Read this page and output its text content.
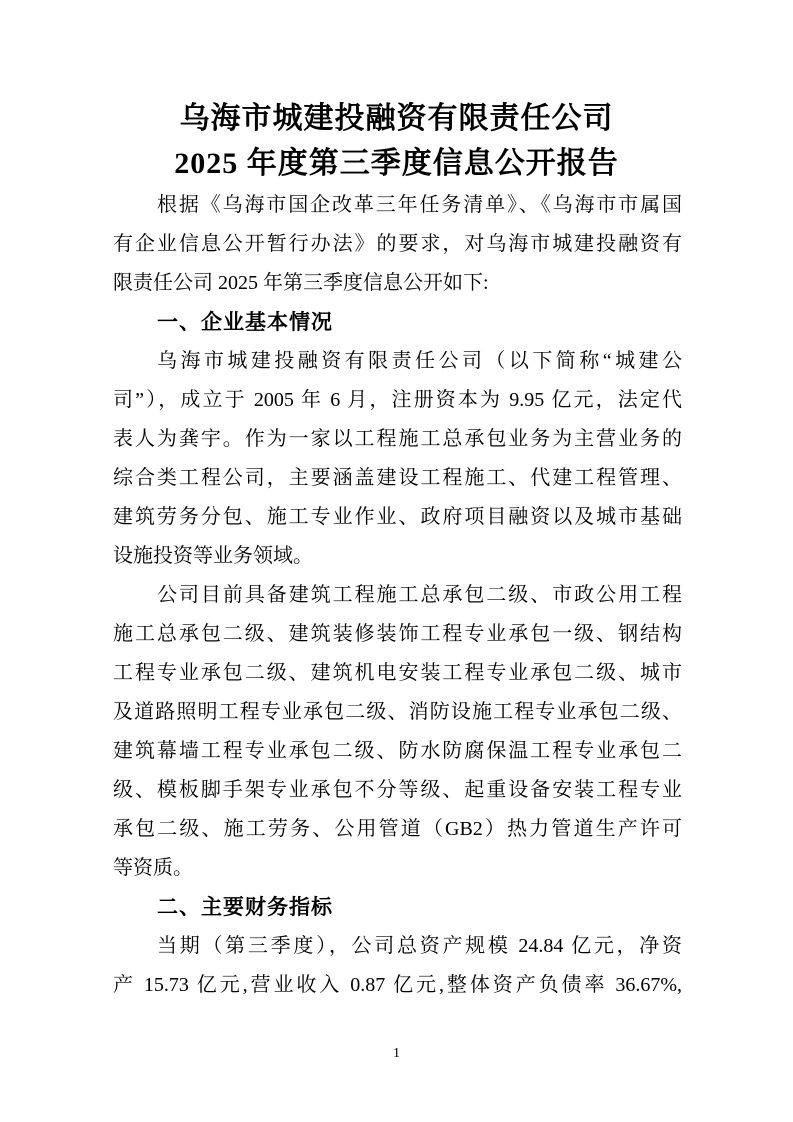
乌海市城建投融资有限责任公司
2025 年度第三季度信息公开报告
根据《乌海市国企改革三年任务清单》、《乌海市市属国
有企业信息公开暂行办法》的要求，对乌海市城建投融资有
限责任公司 2025 年第三季度信息公开如下:
一、企业基本情况
乌海市城建投融资有限责任公司（以下简称“城建公
司”），成立于 2005 年 6 月，注册资本为 9.95 亿元，法定代
表人为龚宇。作为一家以工程施工总承包业务为主营业务的
综合类工程公司，主要涵盖建设工程施工、代建工程管理、
建筑劳务分包、施工专业作业、政府项目融资以及城市基础
设施投资等业务领域。
公司目前具备建筑工程施工总承包二级、市政公用工程
施工总承包二级、建筑装修装饰工程专业承包一级、钢结构
工程专业承包二级、建筑机电安装工程专业承包二级、城市
及道路照明工程专业承包二级、消防设施工程专业承包二级、
建筑幕墙工程专业承包二级、防水防腐保温工程专业承包二
级、模板脚手架专业承包不分等级、起重设备安装工程专业
承包二级、施工劳务、公用管道（GB2）热力管道生产许可
等资质。
二、主要财务指标
当期（第三季度），公司总资产规模 24.84 亿元，净资
产 15.73 亿元,营业收入 0.87 亿元,整体资产负债率 36.67%,
1
